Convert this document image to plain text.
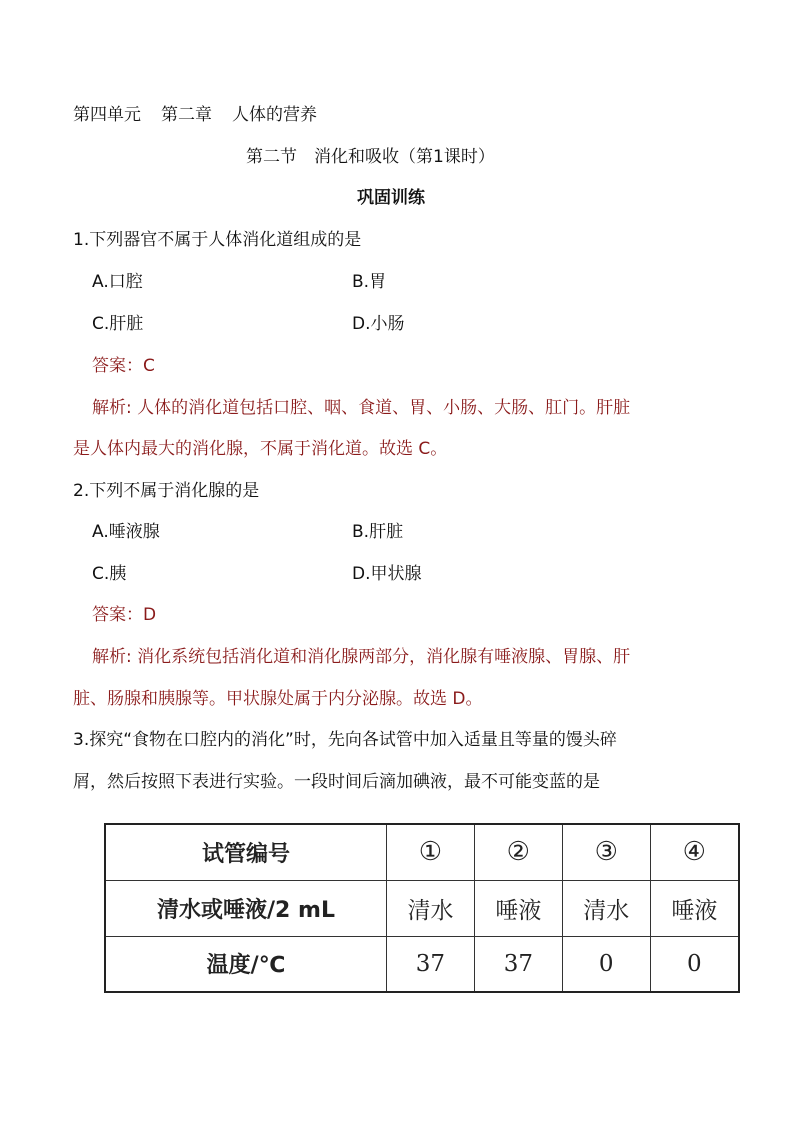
第四单元 第二章 人体的营养
第二节　消化和吸收（第1课时）
巩固训练
1.下列器官不属于人体消化道组成的是
A.口腔	B.胃
C.肝脏	D.小肠
答案：C
解析: 人体的消化道包括口腔、咽、食道、胃、小肠、大肠、肛门。肝脏
是人体内最大的消化腺，不属于消化道。故选 C。
2.下列不属于消化腺的是
A.唾液腺	B.肝脏
C.胰	D.甲状腺
答案：D
解析: 消化系统包括消化道和消化腺两部分，消化腺有唾液腺、胃腺、肝
脏、肠腺和胰腺等。甲状腺处属于内分泌腺。故选 D。
3.探究“食物在口腔内的消化”时，先向各试管中加入适量且等量的馒头碎
屑，然后按照下表进行实验。一段时间后滴加碘液，最不可能变蓝的是
试管编号	①	②	③	④
清水或唾液/2 mL	清水	唾液	清水	唾液
温度/℃	37	37	0	0
